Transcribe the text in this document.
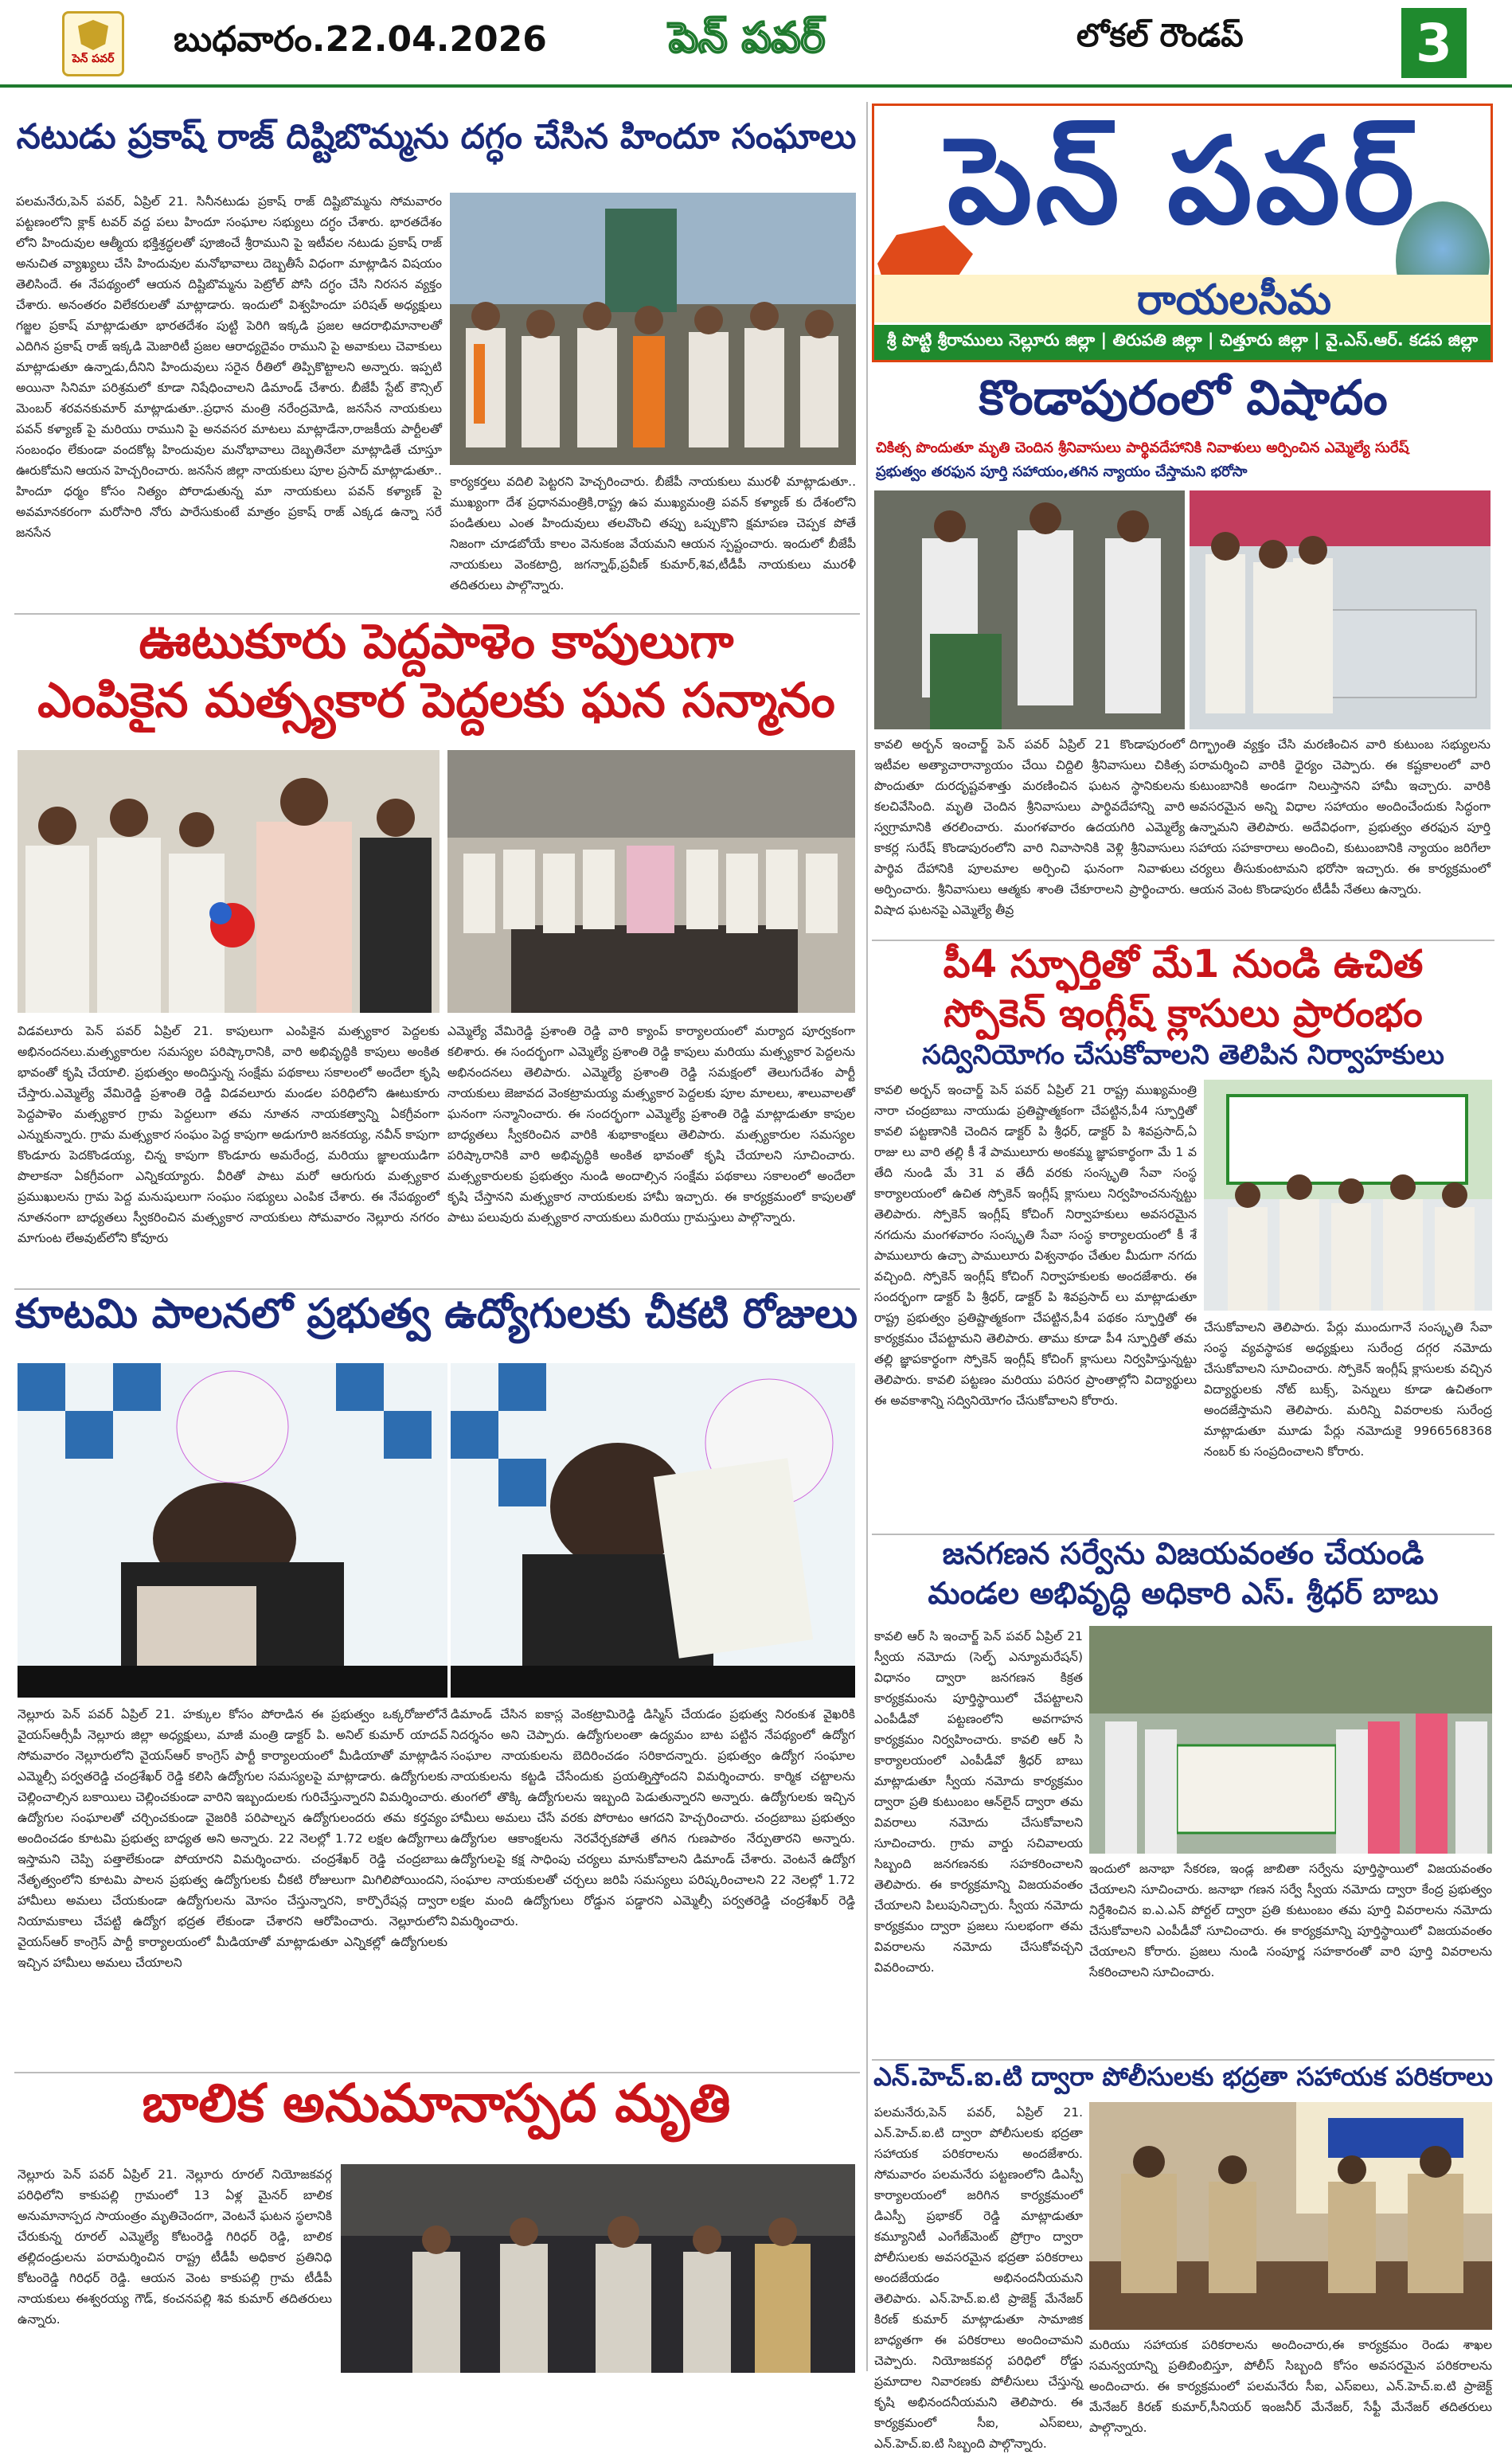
పెన్ పవర్ బుధవారం.22.04.2026	పెన్ పవర్	లోకల్ రౌండప్	3
నటుడు ప్రకాష్ రాజ్ దిష్టిబొమ్మను దగ్ధం చేసిన హిందూ సంఘాలు
పలమనేరు,పెన్ పవర్, ఏప్రిల్ 21. సినీనటుడు ప్రకాష్ రాజ్ దిష్టిబొమ్మను సోమవారం పట్టణంలోని క్లాక్ టవర్ వద్ద పలు హిందూ సంఘాల సభ్యులు దగ్ధం చేశారు. భారతదేశం లోని హిందువుల ఆత్మీయ భక్తిశ్రద్ధలతో పూజించే శ్రీరాముని పై ఇటీవల నటుడు ప్రకాష్ రాజ్ అనుచిత వ్యాఖ్యలు చేసి హిందువుల మనోభావాలు దెబ్బతీసే విధంగా మాట్లాడిన విషయం తెలిసిందే. ఈ నేపథ్యంలో ఆయన దిష్టిబొమ్మను పెట్రోల్ పోసి దగ్ధం చేసి నిరసన వ్యక్తం చేశారు. అనంతరం విలేకరులతో మాట్లాడారు. ఇందులో విశ్వహిందూ పరిషత్ అధ్యక్షులు గజ్జల ప్రకాష్ మాట్లాడుతూ భారతదేశం పుట్టి పెరిగి ఇక్కడి ప్రజల ఆదరాభిమానాలతో ఎదిగిన ప్రకాష్ రాజ్ ఇక్కడి మెజారిటీ ప్రజల ఆరాధ్యదైవం రాముని పై అవాకులు చెవాకులు మాట్లాడుతూ ఉన్నాడు,దీనిని హిందువులు సరైన రీతిలో తిప్పికొట్టాలని అన్నారు. ఇప్పటి అయినా సినిమా పరిశ్రమలో కూడా నిషేధించాలని డిమాండ్ చేశారు. బీజేపీ స్టేట్ కౌన్సిల్ మెంబర్ శరవనకుమార్ మాట్లాడుతూ..ప్రధాన మంత్రి నరేంద్రమోడి, జనసేన నాయకులు పవన్ కళ్యాణ్ పై మరియు రాముని పై అనవసర మాటలు మాట్లాడేనా,రాజకీయ పార్టీలతో సంబంధం లేకుండా వందకోట్ల హిందువుల మనోభావాలు దెబ్బతినేలా మాట్లాడితే చూస్తూ ఊరుకోమని ఆయన హెచ్చరించారు. జనసేన జిల్లా నాయకులు పూల ప్రసాద్ మాట్లాడుతూ.. హిందూ ధర్మం కోసం నిత్యం పోరాడుతున్న మా నాయకులు పవన్ కళ్యాణ్ పై అవమానకరంగా మరోసారి నోరు పారేసుకుంటే మాత్రం ప్రకాష్ రాజ్ ఎక్కడ ఉన్నా సరే జనసేన
కార్యకర్తలు వదిలి పెట్టరని హెచ్చరించారు. బీజేపీ నాయకులు మురళీ మాట్లాడుతూ.. ముఖ్యంగా దేశ ప్రధానమంత్రికి,రాష్ట్ర ఉప ముఖ్యమంత్రి పవన్ కళ్యాణ్ కు దేశంలోని పండితులు ఎంత హిందువులు తలవొంచి తప్పు ఒప్పుకొని క్షమాపణ చెప్పక పోతే నిజంగా చూడబోయే కాలం వెనుకంజ వేయమని ఆయన స్పష్టంచారు. ఇందులో బీజేపీ నాయకులు వెంకటాద్రి, జగన్నాథ్,ప్రవీణ్ కుమార్,శివ,టీడీపీ నాయకులు మురళీ తదితరులు పాల్గొన్నారు.
పెన్ పవర్
రాయలసీమ
శ్రీ పొట్టి శ్రీరాములు నెల్లూరు జిల్లా | తిరుపతి జిల్లా | చిత్తూరు జిల్లా | వై.ఎస్.ఆర్. కడప జిల్లా
ఊటుకూరు పెద్దపాళెం కాపులుగా
ఎంపికైన మత్స్యకార పెద్దలకు ఘన సన్మానం
విడవలూరు పెన్ పవర్ ఏప్రిల్ 21. కాపులుగా ఎంపికైన మత్స్యకార పెద్దలకు అభినందనలు.మత్స్యకారుల సమస్యల పరిష్కారానికి, వారి అభివృద్ధికి కాపులు అంకిత భావంతో కృషి చేయాలి. ప్రభుత్వం అందిస్తున్న సంక్షేమ పథకాలు సకాలంలో అందేలా కృషి చేస్తారు.ఎమ్మెల్యే వేమిరెడ్డి ప్రశాంతి రెడ్డి విడవలూరు మండల పరిధిలోని ఊటుకూరు పెద్దపాళెం మత్స్యకార గ్రామ పెద్దలుగా తమ నూతన నాయకత్వాన్ని ఏకగ్రీవంగా ఎన్నుకున్నారు. గ్రామ మత్స్యకార సంఘం పెద్ద కాపుగా అడుగూరి జనకయ్య, నవీన్ కాపుగా కొండూరు పెదకొండయ్య, చిన్న కాపుగా కొండూరు అమరేంద్ర, మరియు జ్ఞాలయుడిగా పొలాకనా ఏకగ్రీవంగా ఎన్నికయ్యారు. వీరితో పాటు మరో ఆరుగురు మత్స్యకార ప్రముఖులను గ్రామ పెద్ద మనుషులుగా సంఘం సభ్యులు ఎంపిక చేశారు. ఈ నేపథ్యంలో నూతనంగా బాధ్యతలు స్వీకరించిన మత్స్యకార నాయకులు సోమవారం నెల్లూరు నగరం మాగుంట లేఅవుట్‌లోని కోవూరు
ఎమ్మెల్యే వేమిరెడ్డి ప్రశాంతి రెడ్డి వారి క్యాంప్ కార్యాలయంలో మర్యాద పూర్వకంగా కలిశారు. ఈ సందర్భంగా ఎమ్మెల్యే ప్రశాంతి రెడ్డి కాపులు మరియు మత్స్యకార పెద్దలను అభినందనలు తెలిపారు. ఎమ్మెల్యే ప్రశాంతి రెడ్డి సమక్షంలో తెలుగుదేశం పార్టీ నాయకులు జెజావద వెంకట్రామయ్య మత్స్యకార పెద్దలకు పూల మాలలు, శాలువాలతో ఘనంగా సన్మానించారు. ఈ సందర్భంగా ఎమ్మెల్యే ప్రశాంతి రెడ్డి మాట్లాడుతూ కాపుల బాధ్యతలు స్వీకరించిన వారికి శుభాకాంక్షలు తెలిపారు. మత్స్యకారుల సమస్యల పరిష్కారానికి వారి అభివృద్ధికి అంకిత భావంతో కృషి చేయాలని సూచించారు. మత్స్యకారులకు ప్రభుత్వం నుండి అందాల్సిన సంక్షేమ పథకాలు సకాలంలో అందేలా కృషి చేస్తానని మత్స్యకార నాయకులకు హామీ ఇచ్చారు. ఈ కార్యక్రమంలో కాపులతో పాటు పలువురు మత్స్యకార నాయకులు మరియు గ్రామస్తులు పాల్గొన్నారు.
కూటమి పాలనలో ప్రభుత్వ ఉద్యోగులకు చీకటి రోజులు
నెల్లూరు పెన్ పవర్ ఏప్రిల్ 21. హక్కుల కోసం పోరాడిన ఈ ప్రభుత్వం ఒక్కరోజులోనే వైయస్ఆర్సీపీ నెల్లూరు జిల్లా అధ్యక్షులు, మాజీ మంత్రి డాక్టర్ పి. అనిల్ కుమార్ యాదవ్ సోమవారం నెల్లూరులోని వైయస్ఆర్ కాంగ్రెస్ పార్టీ కార్యాలయంలో మీడియాతో మాట్లాడిన ఎమ్మెల్సీ పర్వతరెడ్డి చంద్రశేఖర్ రెడ్డి కలిసి ఉద్యోగుల సమస్యలపై మాట్లాడారు. ఉద్యోగులకు చెల్లించాల్సిన బకాయిలు చెల్లించకుండా వారిని ఇబ్బందులకు గురిచేస్తున్నారని విమర్శించారు. ఉద్యోగుల సంఘాలతో చర్చించకుండా వైజరికి పరిపాల్నన ఉద్యోగులందరు తమ కర్తవ్యం అందించడం కూటమి ప్రభుత్వ బాధ్యత అని అన్నారు. 22 నెలల్లో 1.72 లక్షల ఉద్యోగాలు ఇస్తామని చెప్పి పత్తాలేకుండా పోయారని విమర్శించారు. చంద్రశేఖర్ రెడ్డి చంద్రబాబు నేతృత్వంలోని కూటమి పాలన ప్రభుత్వ ఉద్యోగులకు చీకటి రోజులుగా మిగిలిపోయిందని, హామీలు అమలు చేయకుండా ఉద్యోగులను మోసం చేస్తున్నారని, కార్పొరేషన్ల ద్వారా నియామకాలు చేపట్టి ఉద్యోగ భద్రత లేకుండా చేశారని ఆరోపించారు. నెల్లూరులోని వైయస్ఆర్ కాంగ్రెస్ పార్టీ కార్యాలయంలో మీడియాతో మాట్లాడుతూ ఎన్నికల్లో ఉద్యోగులకు ఇచ్చిన హామీలు అమలు చేయాలని
డిమాండ్ చేసిన ఐకాస్ల వెంకట్రామిరెడ్డి డిస్మిస్ చేయడం ప్రభుత్వ నిరంకుశ వైఖరికి నిదర్శనం అని చెప్పారు. ఉద్యోగులంతా ఉద్యమం బాట పట్టిన నేపథ్యంలో ఉద్యోగ సంఘాల నాయకులను బెదిరించడం సరికాదన్నారు. ప్రభుత్వం ఉద్యోగ సంఘాల నాయకులను కట్టడి చేసేందుకు ప్రయత్నిస్తోందని విమర్శించారు. కార్మిక చట్టాలను తుంగలో తొక్కి ఉద్యోగులను ఇబ్బంది పెడుతున్నారని అన్నారు. ఉద్యోగులకు ఇచ్చిన హామీలు అమలు చేసే వరకు పోరాటం ఆగదని హెచ్చరించారు. చంద్రబాబు ప్రభుత్వం ఉద్యోగుల ఆకాంక్షలను నెరవేర్చకపోతే తగిన గుణపాఠం నేర్పుతారని అన్నారు. ఉద్యోగులపై కక్ష సాధింపు చర్యలు మానుకోవాలని డిమాండ్ చేశారు. వెంటనే ఉద్యోగ సంఘాల నాయకులతో చర్చలు జరిపి సమస్యలు పరిష్కరించాలని 22 నెలల్లో 1.72 లక్షల మంది ఉద్యోగులు రోడ్డున పడ్డారని ఎమ్మెల్సీ పర్వతరెడ్డి చంద్రశేఖర్ రెడ్డి విమర్శించారు.
బాలిక అనుమానాస్పద మృతి
నెల్లూరు పెన్ పవర్ ఏప్రిల్ 21. నెల్లూరు రూరల్ నియోజకవర్గ పరిధిలోని కాకుపల్లి గ్రామంలో 13 ఏళ్ల మైనర్ బాలిక అనుమానాస్పద సాయంత్రం మృతిచెందగా, వెంటనే ఘటన స్థలానికి చేరుకున్న రూరల్ ఎమ్మెల్యే కోటంరెడ్డి గిరిధర్ రెడ్డి, బాలిక తల్లిదండ్రులను పరామర్శించిన రాష్ట్ర టీడీపీ అధికార ప్రతినిధి కోటంరెడ్డి గిరిధర్ రెడ్డి. ఆయన వెంట కాకుపల్లి గ్రామ టీడీపీ నాయకులు ఈశ్వరయ్య గౌడ్, కంచనపల్లి శివ కుమార్ తదితరులు ఉన్నారు.
కొండాపురంలో విషాదం
చికిత్స పొందుతూ మృతి చెందిన శ్రీనివాసులు పార్థివదేహానికి నివాళులు అర్పించిన ఎమ్మెల్యే సురేష్
ప్రభుత్వం తరఫున పూర్తి సహాయం,తగిన న్యాయం చేస్తామని భరోసా
కావలి అర్బన్ ఇంచార్జ్ పెన్ పవర్ ఏప్రిల్ 21 కొండాపురంలో ఇటీవల అత్యాచారాన్యాయం చేయి చిద్దిలి శ్రీనివాసులు చికిత్స పొందుతూ దురదృష్టవశాత్తు మరణించిన ఘటన స్థానికులను కలచివేసింది. మృతి చెందిన శ్రీనివాసులు పార్థివదేహాన్ని వారి స్వగ్రామానికి తరలించారు. మంగళవారం ఉదయగిరి ఎమ్మెల్యే కాకర్ల సురేష్ కొండాపురంలోని వారి నివాసానికి వెళ్లి శ్రీనివాసులు పార్థివ దేహానికి పూలమాల అర్పించి ఘనంగా నివాళులు అర్పించారు. శ్రీనివాసులు ఆత్మకు శాంతి చేకూరాలని ప్రార్థించారు. విషాద ఘటనపై ఎమ్మెల్యే తీవ్ర
దిగ్భ్రాంతి వ్యక్తం చేసి మరణించిన వారి కుటుంబ సభ్యులను పరామర్శించి వారికి ధైర్యం చెప్పారు. ఈ కష్టకాలంలో వారి కుటుంబానికి అండగా నిలుస్తానని హామీ ఇచ్చారు. వారికి అవసరమైన అన్ని విధాల సహాయం అందించేందుకు సిద్ధంగా ఉన్నామని తెలిపారు. అదేవిధంగా, ప్రభుత్వం తరఫున పూర్తి సహాయ సహకారాలు అందించి, కుటుంబానికి న్యాయం జరిగేలా చర్యలు తీసుకుంటామని భరోసా ఇచ్చారు. ఈ కార్యక్రమంలో ఆయన వెంట కొండాపురం టీడీపీ నేతలు ఉన్నారు.
పీ4 స్ఫూర్తితో మే1 నుండి ఉచిత
స్పోకెన్ ఇంగ్లీష్ క్లాసులు ప్రారంభం
సద్వినియోగం చేసుకోవాలని తెలిపిన నిర్వాహకులు
కావలి అర్బన్ ఇంచార్జ్ పెన్ పవర్ ఏప్రిల్ 21 రాష్ట్ర ముఖ్యమంత్రి నారా చంద్రబాబు నాయుడు ప్రతిష్టాత్మకంగా చేపట్టిన,పీ4 స్ఫూర్తితో కావలి పట్టణానికి చెందిన డాక్టర్ పి శ్రీధర్, డాక్టర్ పి శివప్రసాద్,ఏ రాజు లు వారి తల్లి కీ శే పాములూరు అంకమ్మ జ్ఞాపకార్థంగా మే 1 వ తేది నుండి మే 31 వ తేదీ వరకు సంస్కృతి సేవా సంస్థ కార్యాలయంలో ఉచిత స్పోకెన్ ఇంగ్లీష్ క్లాసులు నిర్వహించనున్నట్టు తెలిపారు. స్పోకెన్ ఇంగ్లీష్ కోచింగ్ నిర్వాహకులు అవసరమైన నగదును మంగళవారం సంస్కృతి సేవా సంస్థ కార్యాలయంలో కీ శే పాములూరు ఉచ్చా పాములూరు విశ్వనాథం చేతుల మీదుగా నగదు వచ్చింది. స్పోకెన్ ఇంగ్లీష్ కోచింగ్ నిర్వాహకులకు అందజేశారు. ఈ సందర్భంగా డాక్టర్ పి శ్రీధర్, డాక్టర్ పి శివప్రసాద్ లు మాట్లాడుతూ రాష్ట్ర ప్రభుత్వం ప్రతిష్టాత్మకంగా చేపట్టిన,పీ4 పథకం స్ఫూర్తితో ఈ కార్యక్రమం చేపట్టామని తెలిపారు. తాము కూడా పీ4 స్ఫూర్తితో తమ తల్లి జ్ఞాపకార్థంగా స్పోకెన్ ఇంగ్లీష్ కోచింగ్ క్లాసులు నిర్వహిస్తున్నట్టు తెలిపారు. కావలి పట్టణం మరియు పరిసర ప్రాంతాల్లోని విద్యార్థులు ఈ అవకాశాన్ని సద్వినియోగం చేసుకోవాలని కోరారు.
చేసుకోవాలని తెలిపారు. పేర్లు ముందుగానే సంస్కృతి సేవా సంస్థ వ్యవస్థాపక అధ్యక్షులు సురేంద్ర దగ్గర నమోదు చేసుకోవాలని సూచించారు. స్పోకెన్ ఇంగ్లీష్ క్లాసులకు వచ్చిన విద్యార్థులకు నోట్ బుక్స్, పెన్నులు కూడా ఉచితంగా అందజేస్తామని తెలిపారు. మరిన్ని వివరాలకు సురేంద్ర మాట్లాడుతూ మూడు పేర్లు నమోదుకై 9966568368 నంబర్ కు సంప్రదించాలని కోరారు.
జనగణన సర్వేను విజయవంతం చేయండి
మండల అభివృద్ధి అధికారి ఎస్. శ్రీధర్ బాబు
కావలి ఆర్ సి ఇంచార్జ్ పెన్ పవర్ ఏప్రిల్ 21 స్వీయ నమోదు (సెల్ఫ్ ఎన్యూమరేషన్) విధానం ద్వారా జనగణన కిక్రత కార్యక్రమంను పూర్తిస్థాయిలో చేపట్టాలని ఎంపీడీవో పట్టణంలోని అవగాహన కార్యక్రమం నిర్వహించారు. కావలి ఆర్ సి కార్యాలయంలో ఎంపీడీవో శ్రీధర్ బాబు మాట్లాడుతూ స్వీయ నమోదు కార్యక్రమం ద్వారా ప్రతి కుటుంబం ఆన్‌లైన్ ద్వారా తమ వివరాలు నమోదు చేసుకోవాలని సూచించారు. గ్రామ వార్డు సచివాలయ సిబ్బంది జనగణనకు సహకరించాలని తెలిపారు. ఈ కార్యక్రమాన్ని విజయవంతం చేయాలని పిలుపునిచ్చారు. స్వీయ నమోదు కార్యక్రమం ద్వారా ప్రజలు సులభంగా తమ వివరాలను నమోదు చేసుకోవచ్చని వివరించారు.
ఇందులో జనాభా సేకరణ, ఇండ్ల జాబితా సర్వేను పూర్తిస్థాయిలో విజయవంతం చేయాలని సూచించారు. జనాభా గణన సర్వే స్వీయ నమోదు ద్వారా కేంద్ర ప్రభుత్వం నిర్దేశించిన ఐ.ఎ.ఎన్ పోర్టల్ ద్వారా ప్రతి కుటుంబం తమ పూర్తి వివరాలను నమోదు చేసుకోవాలని ఎంపీడీవో సూచించారు. ఈ కార్యక్రమాన్ని పూర్తిస్థాయిలో విజయవంతం చేయాలని కోరారు. ప్రజలు నుండి సంపూర్ణ సహకారంతో వారి పూర్తి వివరాలను సేకరించాలని సూచించారు.
ఎన్.హెచ్.ఐ.టి ద్వారా పోలీసులకు భద్రతా సహాయక పరికరాలు
పలమనేరు,పెన్ పవర్, ఏప్రిల్ 21. ఎన్.హెచ్.ఐ.టి ద్వారా పోలీసులకు భద్రతా సహాయక పరికరాలను అందజేశారు. సోమవారం పలమనేరు పట్టణంలోని డిఎస్పీ కార్యాలయంలో జరిగిన కార్యక్రమంలో డిఎస్పీ ప్రభాకర్ రెడ్డి మాట్లాడుతూ కమ్యూనిటీ ఎంగేజ్‌మెంట్ ప్రోగ్రాం ద్వారా పోలీసులకు అవసరమైన భద్రతా పరికరాలు అందజేయడం అభినందనీయమని తెలిపారు. ఎన్.హెచ్.ఐ.టి ప్రాజెక్ట్ మేనేజర్ కిరణ్ కుమార్ మాట్లాడుతూ సామాజిక బాధ్యతగా ఈ పరికరాలు అందించామని చెప్పారు. నియోజకవర్గ పరిధిలో రోడ్డు ప్రమాదాల నివారణకు పోలీసులు చేస్తున్న కృషి అభినందనీయమని తెలిపారు. ఈ కార్యక్రమంలో సీఐ, ఎస్ఐలు, ఎన్.హెచ్.ఐ.టి సిబ్బంది పాల్గొన్నారు.
మరియు సహాయక పరికరాలను అందించారు,ఈ కార్యక్రమం రెండు శాఖల సమన్వయాన్ని ప్రతిబింబిస్తూ, పోలీస్ సిబ్బంది కోసం అవసరమైన పరికరాలను అందించారు. ఈ కార్యక్రమంలో పలమనేరు సీఐ, ఎస్ఐలు, ఎన్.హెచ్.ఐ.టి ప్రాజెక్ట్ మేనేజర్ కిరణ్ కుమార్,సీనియర్ ఇంజనీర్ మేనేజర్, సేఫ్టీ మేనేజర్ తదితరులు పాల్గొన్నారు.
